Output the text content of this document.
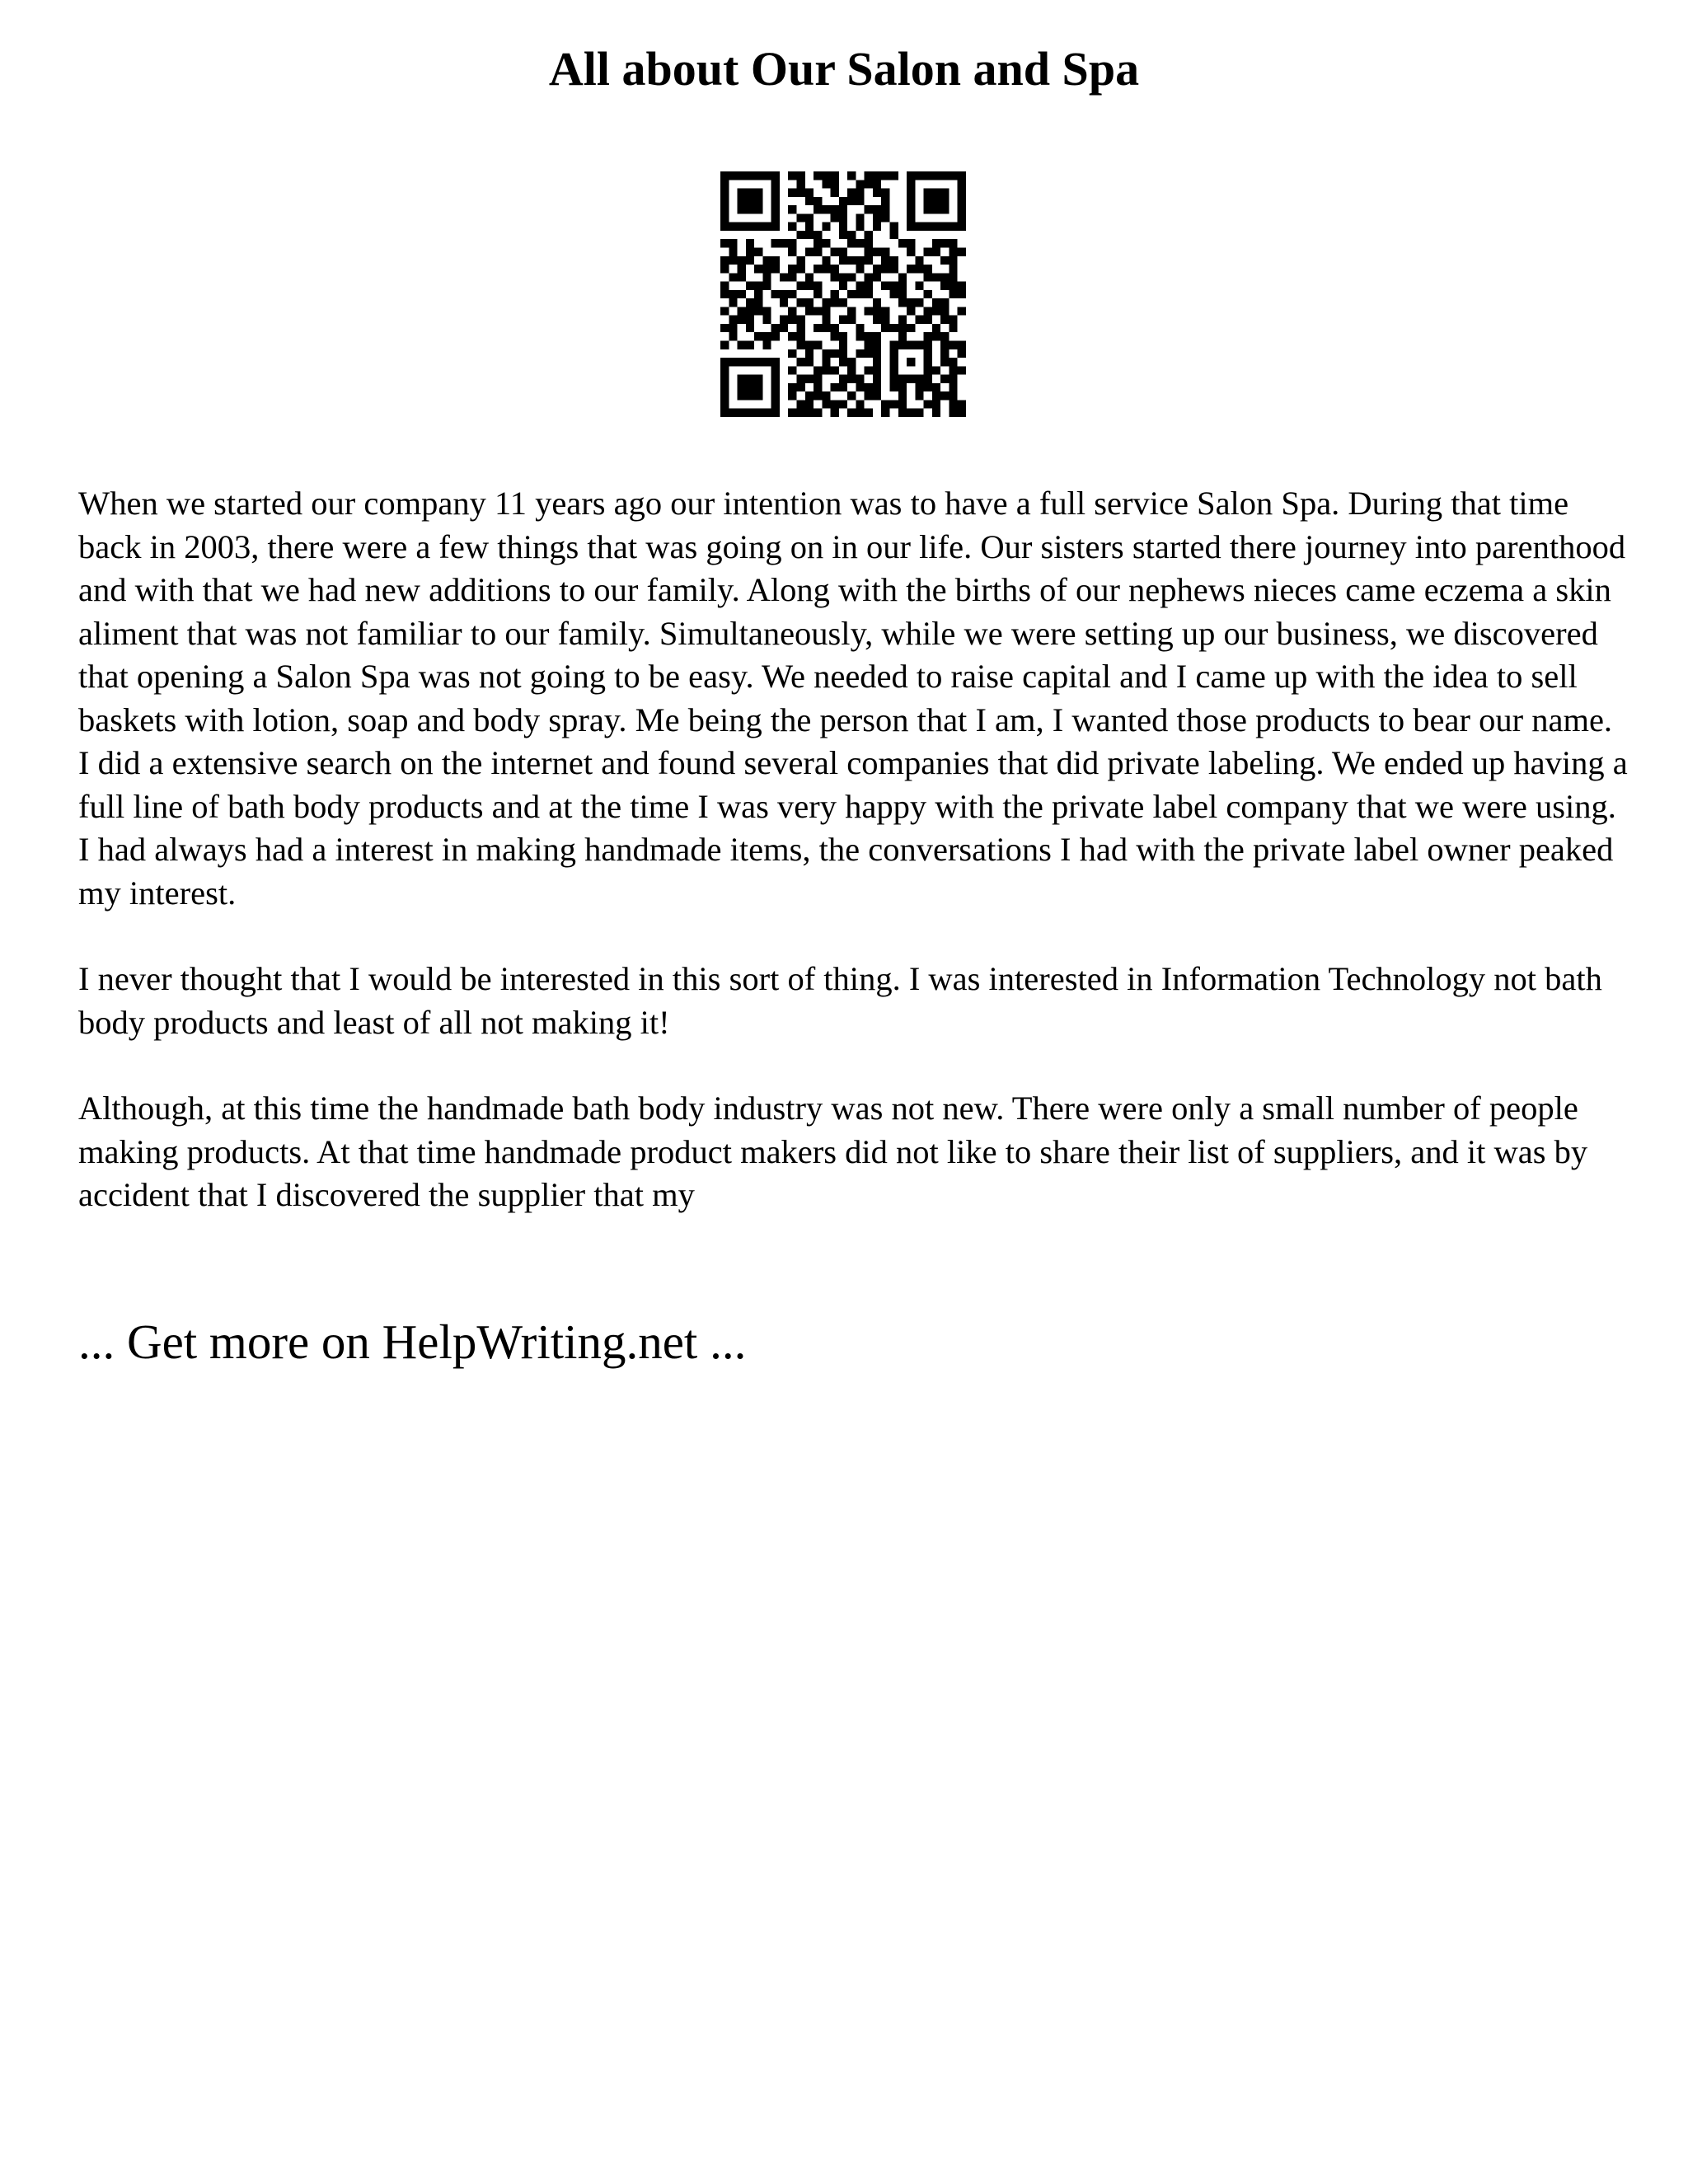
All about Our Salon and Spa

When we started our company 11 years ago our intention was to have a full service Salon Spa. During that time back in 2003, there were a few things that was going on in our life. Our sisters started there journey into parenthood and with that we had new additions to our family. Along with the births of our nephews nieces came eczema a skin aliment that was not familiar to our family. Simultaneously, while we were setting up our business, we discovered that opening a Salon Spa was not going to be easy. We needed to raise capital and I came up with the idea to sell baskets with lotion, soap and body spray. Me being the person that I am, I wanted those products to bear our name. I did a extensive search on the internet and found several companies that did private labeling. We ended up having a full line of bath body products and at the time I was very happy with the private label company that we were using. I had always had a interest in making handmade items, the conversations I had with the private label owner peaked my interest.

I never thought that I would be interested in this sort of thing. I was interested in Information Technology not bath body products and least of all not making it!

Although, at this time the handmade bath body industry was not new. There were only a small number of people making products. At that time handmade product makers did not like to share their list of suppliers, and it was by accident that I discovered the supplier that my

... Get more on HelpWriting.net ...
